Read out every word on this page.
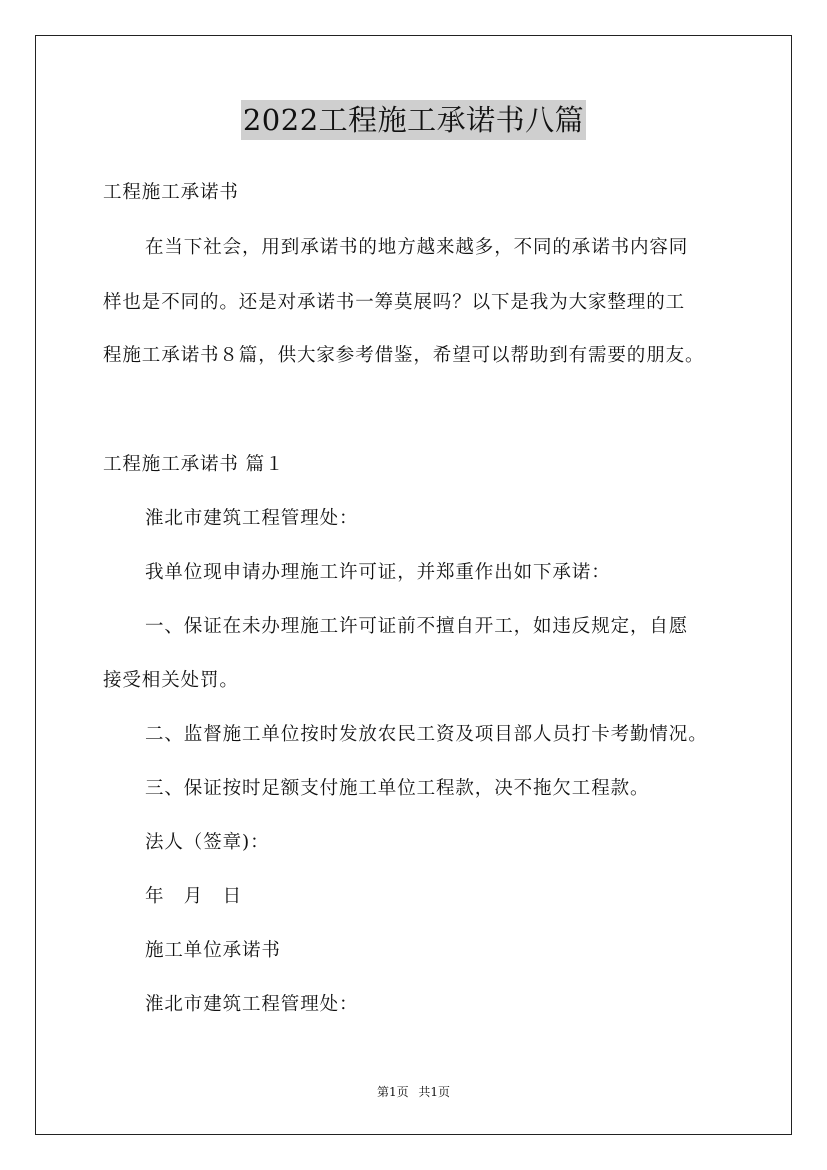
2022工程施工承诺书八篇
工程施工承诺书
在当下社会，用到承诺书的地方越来越多，不同的承诺书内容同
样也是不同的。还是对承诺书一筹莫展吗？以下是我为大家整理的工
程施工承诺书８篇，供大家参考借鉴，希望可以帮助到有需要的朋友。
工程施工承诺书 篇１
淮北市建筑工程管理处：
我单位现申请办理施工许可证，并郑重作出如下承诺：
一、保证在未办理施工许可证前不擅自开工，如违反规定，自愿
接受相关处罚。
二、监督施工单位按时发放农民工资及项目部人员打卡考勤情况。
三、保证按时足额支付施工单位工程款，决不拖欠工程款。
法人（签章)：
年　月　日
施工单位承诺书
淮北市建筑工程管理处：
第1页 共1页
